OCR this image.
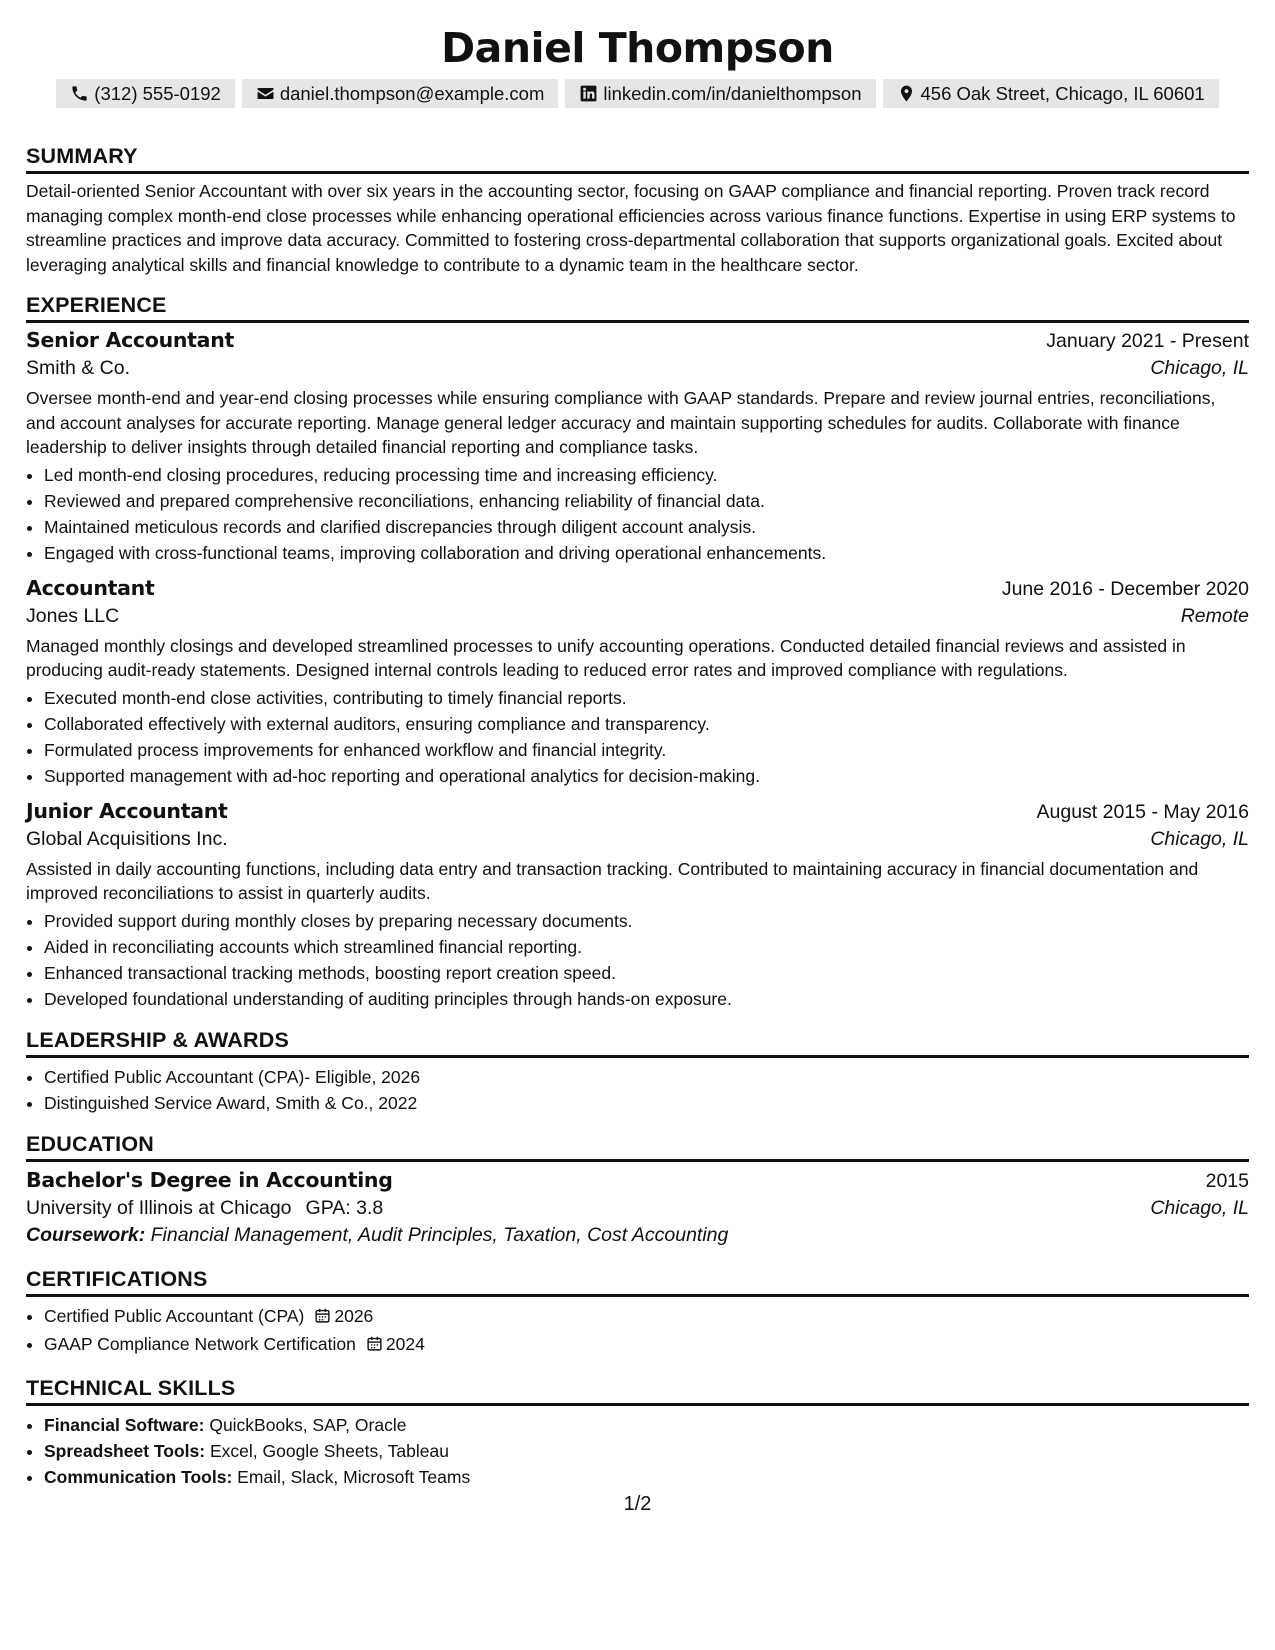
Daniel Thompson
(312) 555-0192	daniel.thompson@example.com	linkedin.com/in/danielthompson	456 Oak Street, Chicago, IL 60601
SUMMARY

Detail-oriented Senior Accountant with over six years in the accounting sector, focusing on GAAP compliance and financial reporting. Proven track record managing complex month-end close processes while enhancing operational efficiencies across various finance functions. Expertise in using ERP systems to streamline practices and improve data accuracy. Committed to fostering cross-departmental collaboration that supports organizational goals. Excited about leveraging analytical skills and financial knowledge to contribute to a dynamic team in the healthcare sector.

EXPERIENCE
Senior Accountant	January 2021 - Present
Smith & Co.	Chicago, IL

Oversee month-end and year-end closing processes while ensuring compliance with GAAP standards. Prepare and review journal entries, reconciliations, and account analyses for accurate reporting. Manage general ledger accuracy and maintain supporting schedules for audits. Collaborate with finance leadership to deliver insights through detailed financial reporting and compliance tasks.

• Led month-end closing procedures, reducing processing time and increasing efficiency.
• Reviewed and prepared comprehensive reconciliations, enhancing reliability of financial data.
• Maintained meticulous records and clarified discrepancies through diligent account analysis.
• Engaged with cross-functional teams, improving collaboration and driving operational enhancements.
Accountant	June 2016 - December 2020
Jones LLC	Remote

Managed monthly closings and developed streamlined processes to unify accounting operations. Conducted detailed financial reviews and assisted in producing audit-ready statements. Designed internal controls leading to reduced error rates and improved compliance with regulations.

• Executed month-end close activities, contributing to timely financial reports.
• Collaborated effectively with external auditors, ensuring compliance and transparency.
• Formulated process improvements for enhanced workflow and financial integrity.
• Supported management with ad-hoc reporting and operational analytics for decision-making.
Junior Accountant	August 2015 - May 2016
Global Acquisitions Inc.	Chicago, IL

Assisted in daily accounting functions, including data entry and transaction tracking. Contributed to maintaining accuracy in financial documentation and improved reconciliations to assist in quarterly audits.

• Provided support during monthly closes by preparing necessary documents.
• Aided in reconciliating accounts which streamlined financial reporting.
• Enhanced transactional tracking methods, boosting report creation speed.
• Developed foundational understanding of auditing principles through hands-on exposure.
LEADERSHIP & AWARDS
• Certified Public Accountant (CPA)- Eligible, 2026
• Distinguished Service Award, Smith & Co., 2022
EDUCATION
Bachelor's Degree in Accounting	2015
University of Illinois at Chicago GPA: 3.8	Chicago, IL
Coursework: Financial Management, Audit Principles, Taxation, Cost Accounting
CERTIFICATIONS
• Certified Public Accountant (CPA) 2026
• GAAP Compliance Network Certification 2024
TECHNICAL SKILLS
• Financial Software: QuickBooks, SAP, Oracle
• Spreadsheet Tools: Excel, Google Sheets, Tableau
• Communication Tools: Email, Slack, Microsoft Teams
1/2
